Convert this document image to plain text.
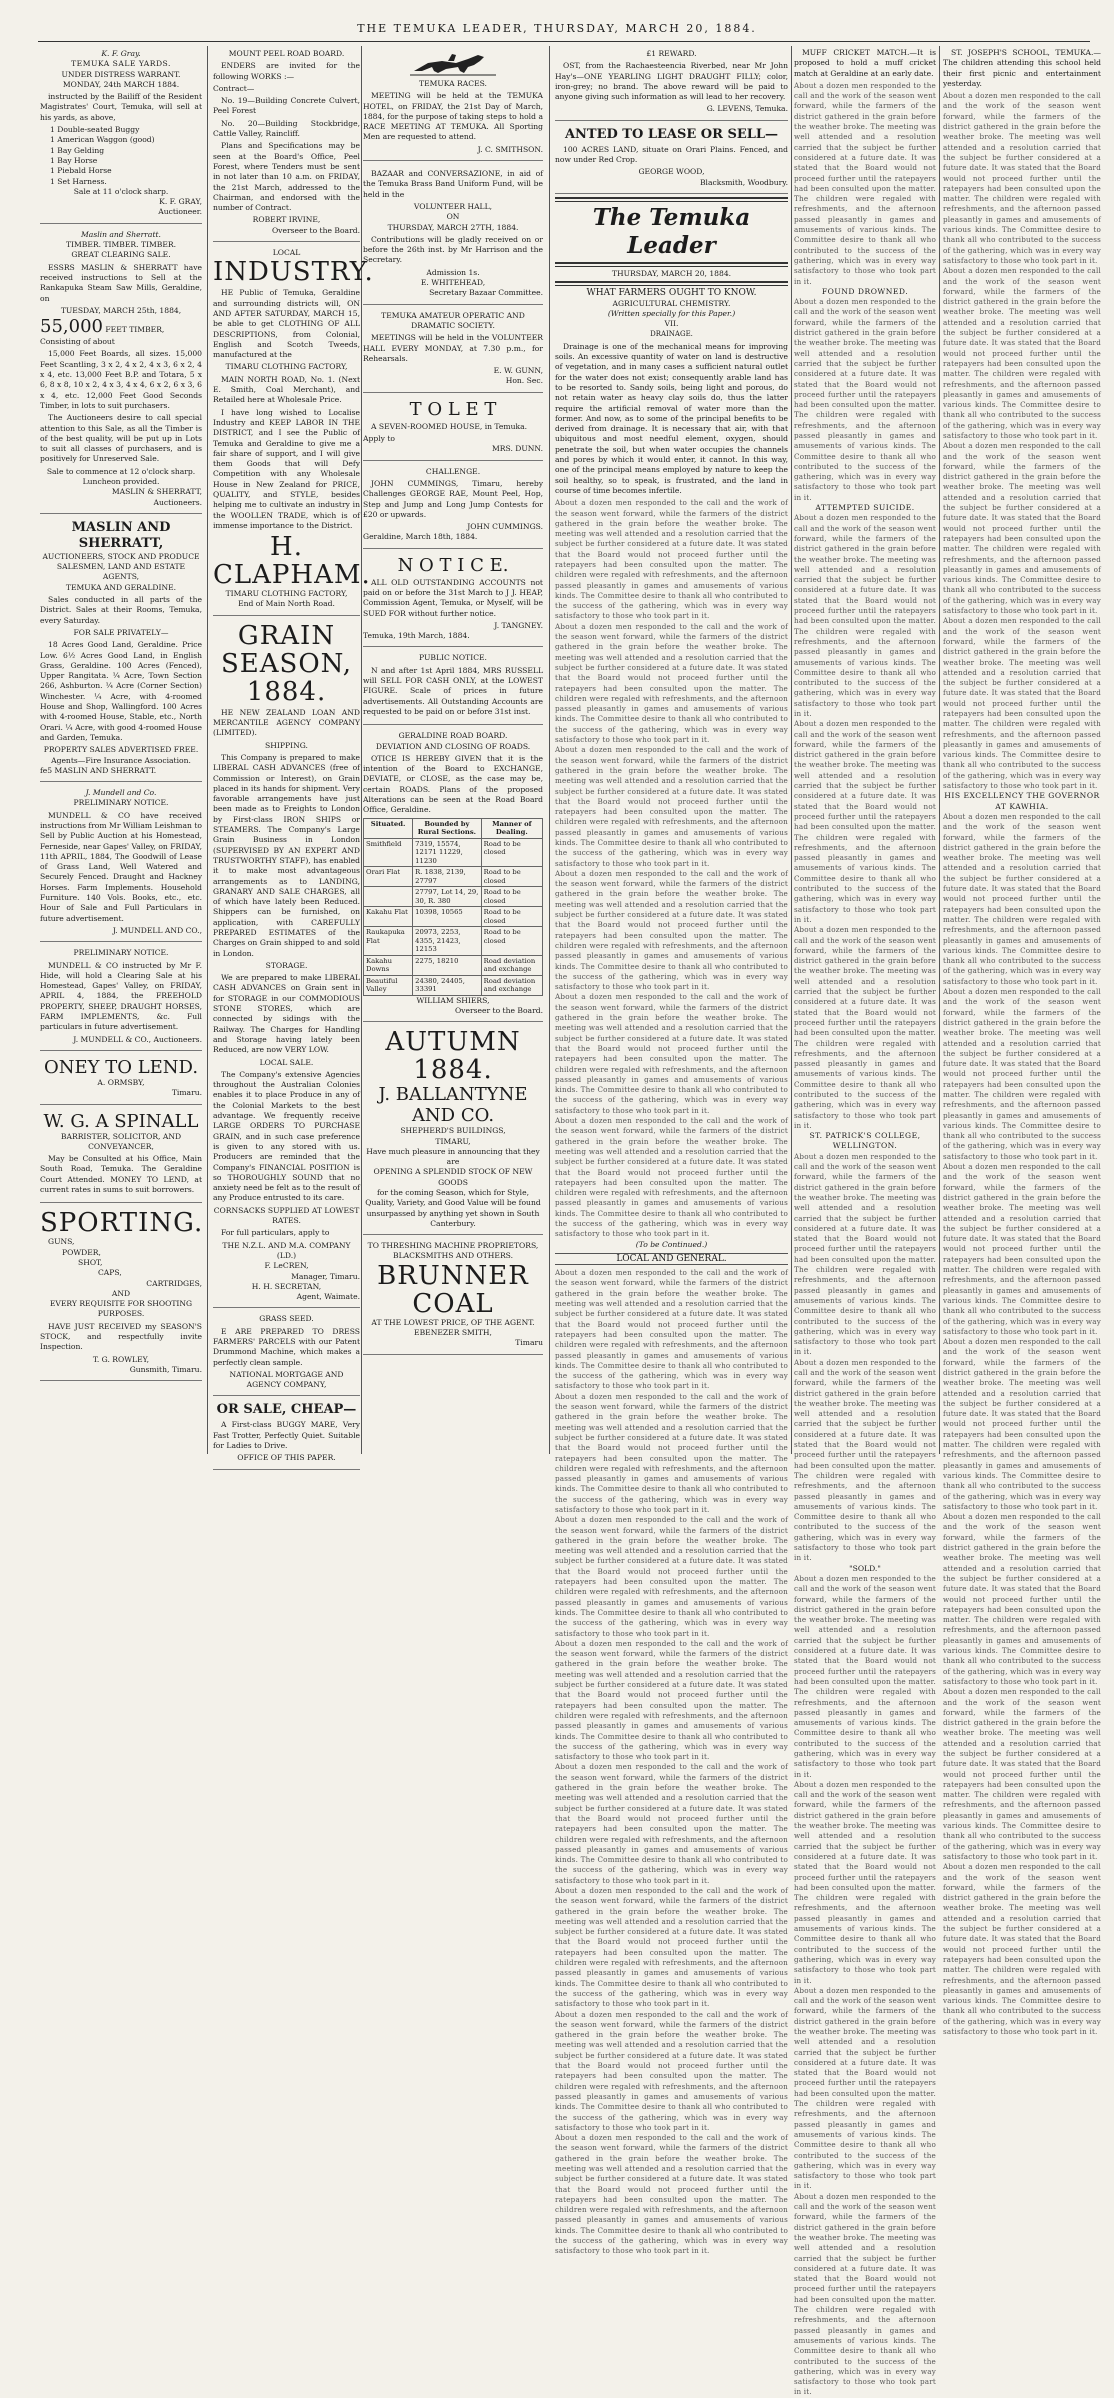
THE TEMUKA LEADER, THURSDAY, MARCH 20, 1884.
K. F. Gray.
TEMUKA SALE YARDS.
UNDER DISTRESS WARRANT.
MONDAY, 24th MARCH 1884.
instructed by the Bailiff of the Resident Magistrates' Court, Temuka, will sell at his yards, as above,
1 Double-seated Buggy
1 American Waggon (good)
1 Bay Gelding
1 Bay Horse
1 Piebald Horse
1 Set Harness.
Sale at 11 o'clock sharp.
K. F. GRAY,
Auctioneer.
Maslin and Sherratt.
TIMBER. TIMBER. TIMBER.
GREAT CLEARING SALE.
ESSRS MASLIN & SHERRATT have received instructions to Sell at the Rankapuka Steam Saw Mills, Geraldine, on
TUESDAY, MARCH 25th, 1884,
55,000 FEET TIMBER, Consisting of about
15,000 Feet Boards, all sizes. 15,000 Feet Scantling, 3 x 2, 4 x 2, 4 x 3, 6 x 2, 4 x 4, etc. 13,000 Feet B.P. and Totara, 5 x 6, 8 x 8, 10 x 2, 4 x 3, 4 x 4, 6 x 2, 6 x 3, 6 x 4, etc. 12,000 Feet Good Seconds Timber, in lots to suit purchasers.
The Auctioneers desire to call special attention to this Sale, as all the Timber is of the best quality, will be put up in Lots to suit all classes of purchasers, and is positively for Unreserved Sale.
Sale to commence at 12 o'clock sharp. Luncheon provided.
MASLIN & SHERRATT,
Auctioneers.
MASLIN AND SHERRATT,
AUCTIONEERS, STOCK AND PRODUCE SALESMEN, LAND AND ESTATE AGENTS,
TEMUKA AND GERALDINE.
Sales conducted in all parts of the District. Sales at their Rooms, Temuka, every Saturday.
FOR SALE PRIVATELY—
18 Acres Good Land, Geraldine. Price Low. 6½ Acres Good Land, in English Grass, Geraldine. 100 Acres (Fenced), Upper Rangitata. ¼ Acre, Town Section 266, Ashburton. ¼ Acre (Corner Section) Winchester. ¼ Acre, with 4-roomed House and Shop, Wallingford. 100 Acres with 4-roomed House, Stable, etc., North Orari. ¼ Acre, with good 4-roomed House and Garden, Temuka.
PROPERTY SALES ADVERTISED FREE.
Agents—Fire Insurance Association.
fe5 MASLIN AND SHERRATT.
J. Mundell and Co.
PRELIMINARY NOTICE.
MUNDELL & CO have received instructions from Mr William Leishman to Sell by Public Auction at his Homestead, Ferneside, near Gapes' Valley, on FRIDAY, 11th APRIL, 1884, The Goodwill of Lease of Grass Land, Well Watered and Securely Fenced. Draught and Hackney Horses. Farm Implements. Household Furniture. 140 Vols. Books, etc., etc. Hour of Sale and Full Particulars in future advertisement.
J. MUNDELL AND CO.,
PRELIMINARY NOTICE.
MUNDELL & CO instructed by Mr F. Hide, will hold a Clearing Sale at his Homestead, Gapes' Valley, on FRIDAY, APRIL 4, 1884, the FREEHOLD PROPERTY, SHEEP, DRAUGHT HORSES, FARM IMPLEMENTS, &c. Full particulars in future advertisement.
J. MUNDELL & CO., Auctioneers.
ONEY TO LEND.
A. ORMSBY,
Timaru.
W. G. A SPINALL
BARRISTER, SOLICITOR, AND CONVEYANCER,
May be Consulted at his Office, Main South Road, Temuka. The Geraldine Court Attended. MONEY TO LEND, at current rates in sums to suit borrowers.
SPORTING.
GUNS,
POWDER,
SHOT,
CAPS,
CARTRIDGES,
AND
EVERY REQUISITE FOR SHOOTING PURPOSES.
HAVE JUST RECEIVED my SEASON'S STOCK, and respectfully invite Inspection.
T. G. ROWLEY,
Gunsmith, Timaru.
MOUNT PEEL ROAD BOARD.
ENDERS are invited for the following WORKS :—
Contract—
No. 19—Building Concrete Culvert, Peel Forest
No. 20—Building Stockbridge, Cattle Valley, Raincliff.
Plans and Specifications may be seen at the Board's Office, Peel Forest, where Tenders must be sent in not later than 10 a.m. on FRIDAY, the 21st March, addressed to the Chairman, and endorsed with the number of Contract.
ROBERT IRVINE,
Overseer to the Board.
LOCAL
INDUSTRY.
HE Public of Temuka, Geraldine and surrounding districts will, ON AND AFTER SATURDAY, MARCH 15, be able to get CLOTHING OF ALL DESCRIPTIONS, from Colonial, English and Scotch Tweeds, manufactured at the
TIMARU CLOTHING FACTORY,
MAIN NORTH ROAD, No. 1. (Next E. Smith, Coal Merchant), and Retailed here at Wholesale Price.
I have long wished to Localise Industry and KEEP LABOR IN THE DISTRICT, and I see the Public of Temuka and Geraldine to give me a fair share of support, and I will give them Goods that will Defy Competition with any Wholesale House in New Zealand for PRICE, QUALITY, and STYLE, besides helping me to cultivate an industry in the WOOLLEN TRADE, which is of immense importance to the District.
H. CLAPHAM.
TIMARU CLOTHING FACTORY,
End of Main North Road.
GRAIN
SEASON, 1884.
HE NEW ZEALAND LOAN AND MERCANTILE AGENCY COMPANY (LIMITED).
SHIPPING.
This Company is prepared to make LIBERAL CASH ADVANCES (free of Commission or Interest), on Grain placed in its hands for shipment. Very favorable arrangements have just been made as to Freights to London by First-class IRON SHIPS or STEAMERS. The Company's Large Grain Business in London (SUPERVISED BY AN EXPERT AND TRUSTWORTHY STAFF), has enabled it to make most advantageous arrangements as to LANDING, GRANARY AND SALE CHARGES, all of which have lately been Reduced. Shippers can be furnished, on application, with CAREFULLY PREPARED ESTIMATES of the Charges on Grain shipped to and sold in London.
STORAGE.
We are prepared to make LIBERAL CASH ADVANCES on Grain sent in for STORAGE in our COMMODIOUS STONE STORES, which are connected by sidings with the Railway. The Charges for Handling and Storage having lately been Reduced, are now VERY LOW.
LOCAL SALE.
The Company's extensive Agencies throughout the Australian Colonies enables it to place Produce in any of the Colonial Markets to the best advantage. We frequently receive LARGE ORDERS TO PURCHASE GRAIN, and in such case preference is given to any stored with us. Producers are reminded that the Company's FINANCIAL POSITION is so THOROUGHLY SOUND that no anxiety need be felt as to the result of any Produce entrusted to its care.
CORNSACKS SUPPLIED AT LOWEST RATES.
For full particulars, apply to
THE N.Z.L. AND M.A. COMPANY (LD.)
F. LeCREN,
Manager, Timaru.
H. H. SECRETAN,
Agent, Waimate.
GRASS SEED.
E ARE PREPARED TO DRESS FARMERS' PARCELS with our Patent Drummond Machine, which makes a perfectly clean sample.
NATIONAL MORTGAGE AND AGENCY COMPANY,
OR SALE, CHEAP—
A First-class BUGGY MARE, Very Fast Trotter, Perfectly Quiet. Suitable for Ladies to Drive.
OFFICE OF THIS PAPER.
TEMUKA RACES.
MEETING will be held at the TEMUKA HOTEL, on FRIDAY, the 21st Day of March, 1884, for the purpose of taking steps to hold a RACE MEETING AT TEMUKA. All Sporting Men are requested to attend.
J. C. SMITHSON.
BAZAAR and CONVERSAZIONE, in aid of the Temuka Brass Band Uniform Fund, will be held in the
VOLUNTEER HALL,
ON
THURSDAY, MARCH 27TH, 1884.
Contributions will be gladly received on or before the 26th inst. by Mr Harrison and the Secretary.
Admission 1s.
E. WHITEHEAD,
Secretary Bazaar Committee.
TEMUKA AMATEUR OPERATIC AND DRAMATIC SOCIETY.
MEETINGS will be held in the VOLUNTEER HALL EVERY MONDAY, at 7.30 p.m., for Rehearsals.
E. W. GUNN,
Hon. Sec.
T O L E T
A SEVEN-ROOMED HOUSE, in Temuka.
Apply to
MRS. DUNN.
CHALLENGE.
JOHN CUMMINGS, Timaru, hereby Challenges GEORGE RAE, Mount Peel, Hop, Step and Jump and Long Jump Contests for £20 or upwards.
JOHN CUMMINGS.
Geraldine, March 18th, 1884.
N O T I C E.
ALL OLD OUTSTANDING ACCOUNTS not paid on or before the 31st March to J J. HEAP, Commission Agent, Temuka, or Myself, will be SUED FOR without further notice.
J. TANGNEY.
Temuka, 19th March, 1884.
PUBLIC NOTICE.
N and after 1st April 1884, MRS RUSSELL will SELL FOR CASH ONLY, at the LOWEST FIGURE. Scale of prices in future advertisements. All Outstanding Accounts are requested to be paid on or before 31st inst.
GERALDINE ROAD BOARD.
DEVIATION AND CLOSING OF ROADS.
OTICE IS HEREBY GIVEN that it is the intention of the Board to EXCHANGE, DEVIATE, or CLOSE, as the case may be, certain ROADS. Plans of the proposed Alterations can be seen at the Road Board Office, Geraldine.
Situated.	Bounded by Rural Sections.	Manner of Dealing.
Smithfield	7319, 15574, 12171 11229, 11230	Road to be closed
Orari Flat	R. 1838, 2139, 27797	Road to be closed
	27797, Lot 14, 29, 30, R. 380	Road to be closed
Kakahu Flat	10398, 10565	Road to be closed
Raukapuka Flat	20973, 2253, 4355, 21423, 12153	Road to be closed
Kakahu Downs	2275, 18210	Road deviation and exchange
Beautiful Valley	24380, 24405, 33391	Road deviation and exchange
WILLIAM SHIERS,
Overseer to the Board.
AUTUMN 1884.
J. BALLANTYNE AND CO.
SHEPHERD'S BUILDINGS,
TIMARU,
Have much pleasure in announcing that they are
OPENING A SPLENDID STOCK OF NEW GOODS
for the coming Season, which for Style, Quality, Variety, and Good Value will be found unsurpassed by anything yet shown in South Canterbury.
TO THRESHING MACHINE PROPRIETORS, BLACKSMITHS AND OTHERS.
BRUNNER
COAL
AT THE LOWEST PRICE, OF THE AGENT.
EBENEZER SMITH,
Timaru
£1 REWARD.
OST, from the Rachaesteencia Riverbed, near Mr John Hay's—ONE YEARLING LIGHT DRAUGHT FILLY; color, iron-grey; no brand. The above reward will be paid to anyone giving such information as will lead to her recovery.
G. LEVENS, Temuka.
ANTED TO LEASE OR SELL—
100 ACRES LAND, situate on Orari Plains. Fenced, and now under Red Crop.
GEORGE WOOD,
Blacksmith, Woodbury.
The Temuka Leader
THURSDAY, MARCH 20, 1884.
WHAT FARMERS OUGHT TO KNOW.
AGRICULTURAL CHEMISTRY.
(Written specially for this Paper.)
VII.
DRAINAGE.
Drainage is one of the mechanical means for improving soils. An excessive quantity of water on land is destructive of vegetation, and in many cases a sufficient natural outlet for the water does not exist; consequently arable land has to be resorted to. Sandy soils, being light and porous, do not retain water as heavy clay soils do, thus the latter require the artificial removal of water more than the former. And now, as to some of the principal benefits to be derived from drainage. It is necessary that air, with that ubiquitous and most needful element, oxygen, should penetrate the soil, but when water occupies the channels and pores by which it would enter, it cannot. In this way, one of the principal means employed by nature to keep the soil healthy, so to speak, is frustrated, and the land in course of time becomes infertile.
About a dozen men responded to the call and the work of the season went forward, while the farmers of the district gathered in the grain before the weather broke. The meeting was well attended and a resolution carried that the subject be further considered at a future date. It was stated that the Board would not proceed further until the ratepayers had been consulted upon the matter. The children were regaled with refreshments, and the afternoon passed pleasantly in games and amusements of various kinds. The Committee desire to thank all who contributed to the success of the gathering, which was in every way satisfactory to those who took part in it.
About a dozen men responded to the call and the work of the season went forward, while the farmers of the district gathered in the grain before the weather broke. The meeting was well attended and a resolution carried that the subject be further considered at a future date. It was stated that the Board would not proceed further until the ratepayers had been consulted upon the matter. The children were regaled with refreshments, and the afternoon passed pleasantly in games and amusements of various kinds. The Committee desire to thank all who contributed to the success of the gathering, which was in every way satisfactory to those who took part in it.
About a dozen men responded to the call and the work of the season went forward, while the farmers of the district gathered in the grain before the weather broke. The meeting was well attended and a resolution carried that the subject be further considered at a future date. It was stated that the Board would not proceed further until the ratepayers had been consulted upon the matter. The children were regaled with refreshments, and the afternoon passed pleasantly in games and amusements of various kinds. The Committee desire to thank all who contributed to the success of the gathering, which was in every way satisfactory to those who took part in it.
About a dozen men responded to the call and the work of the season went forward, while the farmers of the district gathered in the grain before the weather broke. The meeting was well attended and a resolution carried that the subject be further considered at a future date. It was stated that the Board would not proceed further until the ratepayers had been consulted upon the matter. The children were regaled with refreshments, and the afternoon passed pleasantly in games and amusements of various kinds. The Committee desire to thank all who contributed to the success of the gathering, which was in every way satisfactory to those who took part in it.
About a dozen men responded to the call and the work of the season went forward, while the farmers of the district gathered in the grain before the weather broke. The meeting was well attended and a resolution carried that the subject be further considered at a future date. It was stated that the Board would not proceed further until the ratepayers had been consulted upon the matter. The children were regaled with refreshments, and the afternoon passed pleasantly in games and amusements of various kinds. The Committee desire to thank all who contributed to the success of the gathering, which was in every way satisfactory to those who took part in it.
About a dozen men responded to the call and the work of the season went forward, while the farmers of the district gathered in the grain before the weather broke. The meeting was well attended and a resolution carried that the subject be further considered at a future date. It was stated that the Board would not proceed further until the ratepayers had been consulted upon the matter. The children were regaled with refreshments, and the afternoon passed pleasantly in games and amusements of various kinds. The Committee desire to thank all who contributed to the success of the gathering, which was in every way satisfactory to those who took part in it.
(To be Continued.)
LOCAL AND GENERAL.
About a dozen men responded to the call and the work of the season went forward, while the farmers of the district gathered in the grain before the weather broke. The meeting was well attended and a resolution carried that the subject be further considered at a future date. It was stated that the Board would not proceed further until the ratepayers had been consulted upon the matter. The children were regaled with refreshments, and the afternoon passed pleasantly in games and amusements of various kinds. The Committee desire to thank all who contributed to the success of the gathering, which was in every way satisfactory to those who took part in it.
About a dozen men responded to the call and the work of the season went forward, while the farmers of the district gathered in the grain before the weather broke. The meeting was well attended and a resolution carried that the subject be further considered at a future date. It was stated that the Board would not proceed further until the ratepayers had been consulted upon the matter. The children were regaled with refreshments, and the afternoon passed pleasantly in games and amusements of various kinds. The Committee desire to thank all who contributed to the success of the gathering, which was in every way satisfactory to those who took part in it.
About a dozen men responded to the call and the work of the season went forward, while the farmers of the district gathered in the grain before the weather broke. The meeting was well attended and a resolution carried that the subject be further considered at a future date. It was stated that the Board would not proceed further until the ratepayers had been consulted upon the matter. The children were regaled with refreshments, and the afternoon passed pleasantly in games and amusements of various kinds. The Committee desire to thank all who contributed to the success of the gathering, which was in every way satisfactory to those who took part in it.
About a dozen men responded to the call and the work of the season went forward, while the farmers of the district gathered in the grain before the weather broke. The meeting was well attended and a resolution carried that the subject be further considered at a future date. It was stated that the Board would not proceed further until the ratepayers had been consulted upon the matter. The children were regaled with refreshments, and the afternoon passed pleasantly in games and amusements of various kinds. The Committee desire to thank all who contributed to the success of the gathering, which was in every way satisfactory to those who took part in it.
About a dozen men responded to the call and the work of the season went forward, while the farmers of the district gathered in the grain before the weather broke. The meeting was well attended and a resolution carried that the subject be further considered at a future date. It was stated that the Board would not proceed further until the ratepayers had been consulted upon the matter. The children were regaled with refreshments, and the afternoon passed pleasantly in games and amusements of various kinds. The Committee desire to thank all who contributed to the success of the gathering, which was in every way satisfactory to those who took part in it.
About a dozen men responded to the call and the work of the season went forward, while the farmers of the district gathered in the grain before the weather broke. The meeting was well attended and a resolution carried that the subject be further considered at a future date. It was stated that the Board would not proceed further until the ratepayers had been consulted upon the matter. The children were regaled with refreshments, and the afternoon passed pleasantly in games and amusements of various kinds. The Committee desire to thank all who contributed to the success of the gathering, which was in every way satisfactory to those who took part in it.
About a dozen men responded to the call and the work of the season went forward, while the farmers of the district gathered in the grain before the weather broke. The meeting was well attended and a resolution carried that the subject be further considered at a future date. It was stated that the Board would not proceed further until the ratepayers had been consulted upon the matter. The children were regaled with refreshments, and the afternoon passed pleasantly in games and amusements of various kinds. The Committee desire to thank all who contributed to the success of the gathering, which was in every way satisfactory to those who took part in it.
About a dozen men responded to the call and the work of the season went forward, while the farmers of the district gathered in the grain before the weather broke. The meeting was well attended and a resolution carried that the subject be further considered at a future date. It was stated that the Board would not proceed further until the ratepayers had been consulted upon the matter. The children were regaled with refreshments, and the afternoon passed pleasantly in games and amusements of various kinds. The Committee desire to thank all who contributed to the success of the gathering, which was in every way satisfactory to those who took part in it.
MUFF CRICKET MATCH.—It is proposed to hold a muff cricket match at Geraldine at an early date.
About a dozen men responded to the call and the work of the season went forward, while the farmers of the district gathered in the grain before the weather broke. The meeting was well attended and a resolution carried that the subject be further considered at a future date. It was stated that the Board would not proceed further until the ratepayers had been consulted upon the matter. The children were regaled with refreshments, and the afternoon passed pleasantly in games and amusements of various kinds. The Committee desire to thank all who contributed to the success of the gathering, which was in every way satisfactory to those who took part in it.
FOUND DROWNED.
About a dozen men responded to the call and the work of the season went forward, while the farmers of the district gathered in the grain before the weather broke. The meeting was well attended and a resolution carried that the subject be further considered at a future date. It was stated that the Board would not proceed further until the ratepayers had been consulted upon the matter. The children were regaled with refreshments, and the afternoon passed pleasantly in games and amusements of various kinds. The Committee desire to thank all who contributed to the success of the gathering, which was in every way satisfactory to those who took part in it.
ATTEMPTED SUICIDE.
About a dozen men responded to the call and the work of the season went forward, while the farmers of the district gathered in the grain before the weather broke. The meeting was well attended and a resolution carried that the subject be further considered at a future date. It was stated that the Board would not proceed further until the ratepayers had been consulted upon the matter. The children were regaled with refreshments, and the afternoon passed pleasantly in games and amusements of various kinds. The Committee desire to thank all who contributed to the success of the gathering, which was in every way satisfactory to those who took part in it.
About a dozen men responded to the call and the work of the season went forward, while the farmers of the district gathered in the grain before the weather broke. The meeting was well attended and a resolution carried that the subject be further considered at a future date. It was stated that the Board would not proceed further until the ratepayers had been consulted upon the matter. The children were regaled with refreshments, and the afternoon passed pleasantly in games and amusements of various kinds. The Committee desire to thank all who contributed to the success of the gathering, which was in every way satisfactory to those who took part in it.
About a dozen men responded to the call and the work of the season went forward, while the farmers of the district gathered in the grain before the weather broke. The meeting was well attended and a resolution carried that the subject be further considered at a future date. It was stated that the Board would not proceed further until the ratepayers had been consulted upon the matter. The children were regaled with refreshments, and the afternoon passed pleasantly in games and amusements of various kinds. The Committee desire to thank all who contributed to the success of the gathering, which was in every way satisfactory to those who took part in it.
ST. PATRICK'S COLLEGE, WELLINGTON.
About a dozen men responded to the call and the work of the season went forward, while the farmers of the district gathered in the grain before the weather broke. The meeting was well attended and a resolution carried that the subject be further considered at a future date. It was stated that the Board would not proceed further until the ratepayers had been consulted upon the matter. The children were regaled with refreshments, and the afternoon passed pleasantly in games and amusements of various kinds. The Committee desire to thank all who contributed to the success of the gathering, which was in every way satisfactory to those who took part in it.
About a dozen men responded to the call and the work of the season went forward, while the farmers of the district gathered in the grain before the weather broke. The meeting was well attended and a resolution carried that the subject be further considered at a future date. It was stated that the Board would not proceed further until the ratepayers had been consulted upon the matter. The children were regaled with refreshments, and the afternoon passed pleasantly in games and amusements of various kinds. The Committee desire to thank all who contributed to the success of the gathering, which was in every way satisfactory to those who took part in it.
"SOLD."
About a dozen men responded to the call and the work of the season went forward, while the farmers of the district gathered in the grain before the weather broke. The meeting was well attended and a resolution carried that the subject be further considered at a future date. It was stated that the Board would not proceed further until the ratepayers had been consulted upon the matter. The children were regaled with refreshments, and the afternoon passed pleasantly in games and amusements of various kinds. The Committee desire to thank all who contributed to the success of the gathering, which was in every way satisfactory to those who took part in it.
About a dozen men responded to the call and the work of the season went forward, while the farmers of the district gathered in the grain before the weather broke. The meeting was well attended and a resolution carried that the subject be further considered at a future date. It was stated that the Board would not proceed further until the ratepayers had been consulted upon the matter. The children were regaled with refreshments, and the afternoon passed pleasantly in games and amusements of various kinds. The Committee desire to thank all who contributed to the success of the gathering, which was in every way satisfactory to those who took part in it.
About a dozen men responded to the call and the work of the season went forward, while the farmers of the district gathered in the grain before the weather broke. The meeting was well attended and a resolution carried that the subject be further considered at a future date. It was stated that the Board would not proceed further until the ratepayers had been consulted upon the matter. The children were regaled with refreshments, and the afternoon passed pleasantly in games and amusements of various kinds. The Committee desire to thank all who contributed to the success of the gathering, which was in every way satisfactory to those who took part in it.
About a dozen men responded to the call and the work of the season went forward, while the farmers of the district gathered in the grain before the weather broke. The meeting was well attended and a resolution carried that the subject be further considered at a future date. It was stated that the Board would not proceed further until the ratepayers had been consulted upon the matter. The children were regaled with refreshments, and the afternoon passed pleasantly in games and amusements of various kinds. The Committee desire to thank all who contributed to the success of the gathering, which was in every way satisfactory to those who took part in it.
ST. JOSEPH'S SCHOOL, TEMUKA.—The children attending this school held their first picnic and entertainment yesterday.
About a dozen men responded to the call and the work of the season went forward, while the farmers of the district gathered in the grain before the weather broke. The meeting was well attended and a resolution carried that the subject be further considered at a future date. It was stated that the Board would not proceed further until the ratepayers had been consulted upon the matter. The children were regaled with refreshments, and the afternoon passed pleasantly in games and amusements of various kinds. The Committee desire to thank all who contributed to the success of the gathering, which was in every way satisfactory to those who took part in it.
About a dozen men responded to the call and the work of the season went forward, while the farmers of the district gathered in the grain before the weather broke. The meeting was well attended and a resolution carried that the subject be further considered at a future date. It was stated that the Board would not proceed further until the ratepayers had been consulted upon the matter. The children were regaled with refreshments, and the afternoon passed pleasantly in games and amusements of various kinds. The Committee desire to thank all who contributed to the success of the gathering, which was in every way satisfactory to those who took part in it.
About a dozen men responded to the call and the work of the season went forward, while the farmers of the district gathered in the grain before the weather broke. The meeting was well attended and a resolution carried that the subject be further considered at a future date. It was stated that the Board would not proceed further until the ratepayers had been consulted upon the matter. The children were regaled with refreshments, and the afternoon passed pleasantly in games and amusements of various kinds. The Committee desire to thank all who contributed to the success of the gathering, which was in every way satisfactory to those who took part in it.
About a dozen men responded to the call and the work of the season went forward, while the farmers of the district gathered in the grain before the weather broke. The meeting was well attended and a resolution carried that the subject be further considered at a future date. It was stated that the Board would not proceed further until the ratepayers had been consulted upon the matter. The children were regaled with refreshments, and the afternoon passed pleasantly in games and amusements of various kinds. The Committee desire to thank all who contributed to the success of the gathering, which was in every way satisfactory to those who took part in it.
HIS EXCELLENCY THE GOVERNOR AT KAWHIA.
About a dozen men responded to the call and the work of the season went forward, while the farmers of the district gathered in the grain before the weather broke. The meeting was well attended and a resolution carried that the subject be further considered at a future date. It was stated that the Board would not proceed further until the ratepayers had been consulted upon the matter. The children were regaled with refreshments, and the afternoon passed pleasantly in games and amusements of various kinds. The Committee desire to thank all who contributed to the success of the gathering, which was in every way satisfactory to those who took part in it.
About a dozen men responded to the call and the work of the season went forward, while the farmers of the district gathered in the grain before the weather broke. The meeting was well attended and a resolution carried that the subject be further considered at a future date. It was stated that the Board would not proceed further until the ratepayers had been consulted upon the matter. The children were regaled with refreshments, and the afternoon passed pleasantly in games and amusements of various kinds. The Committee desire to thank all who contributed to the success of the gathering, which was in every way satisfactory to those who took part in it.
About a dozen men responded to the call and the work of the season went forward, while the farmers of the district gathered in the grain before the weather broke. The meeting was well attended and a resolution carried that the subject be further considered at a future date. It was stated that the Board would not proceed further until the ratepayers had been consulted upon the matter. The children were regaled with refreshments, and the afternoon passed pleasantly in games and amusements of various kinds. The Committee desire to thank all who contributed to the success of the gathering, which was in every way satisfactory to those who took part in it.
About a dozen men responded to the call and the work of the season went forward, while the farmers of the district gathered in the grain before the weather broke. The meeting was well attended and a resolution carried that the subject be further considered at a future date. It was stated that the Board would not proceed further until the ratepayers had been consulted upon the matter. The children were regaled with refreshments, and the afternoon passed pleasantly in games and amusements of various kinds. The Committee desire to thank all who contributed to the success of the gathering, which was in every way satisfactory to those who took part in it.
About a dozen men responded to the call and the work of the season went forward, while the farmers of the district gathered in the grain before the weather broke. The meeting was well attended and a resolution carried that the subject be further considered at a future date. It was stated that the Board would not proceed further until the ratepayers had been consulted upon the matter. The children were regaled with refreshments, and the afternoon passed pleasantly in games and amusements of various kinds. The Committee desire to thank all who contributed to the success of the gathering, which was in every way satisfactory to those who took part in it.
About a dozen men responded to the call and the work of the season went forward, while the farmers of the district gathered in the grain before the weather broke. The meeting was well attended and a resolution carried that the subject be further considered at a future date. It was stated that the Board would not proceed further until the ratepayers had been consulted upon the matter. The children were regaled with refreshments, and the afternoon passed pleasantly in games and amusements of various kinds. The Committee desire to thank all who contributed to the success of the gathering, which was in every way satisfactory to those who took part in it.
About a dozen men responded to the call and the work of the season went forward, while the farmers of the district gathered in the grain before the weather broke. The meeting was well attended and a resolution carried that the subject be further considered at a future date. It was stated that the Board would not proceed further until the ratepayers had been consulted upon the matter. The children were regaled with refreshments, and the afternoon passed pleasantly in games and amusements of various kinds. The Committee desire to thank all who contributed to the success of the gathering, which was in every way satisfactory to those who took part in it.
